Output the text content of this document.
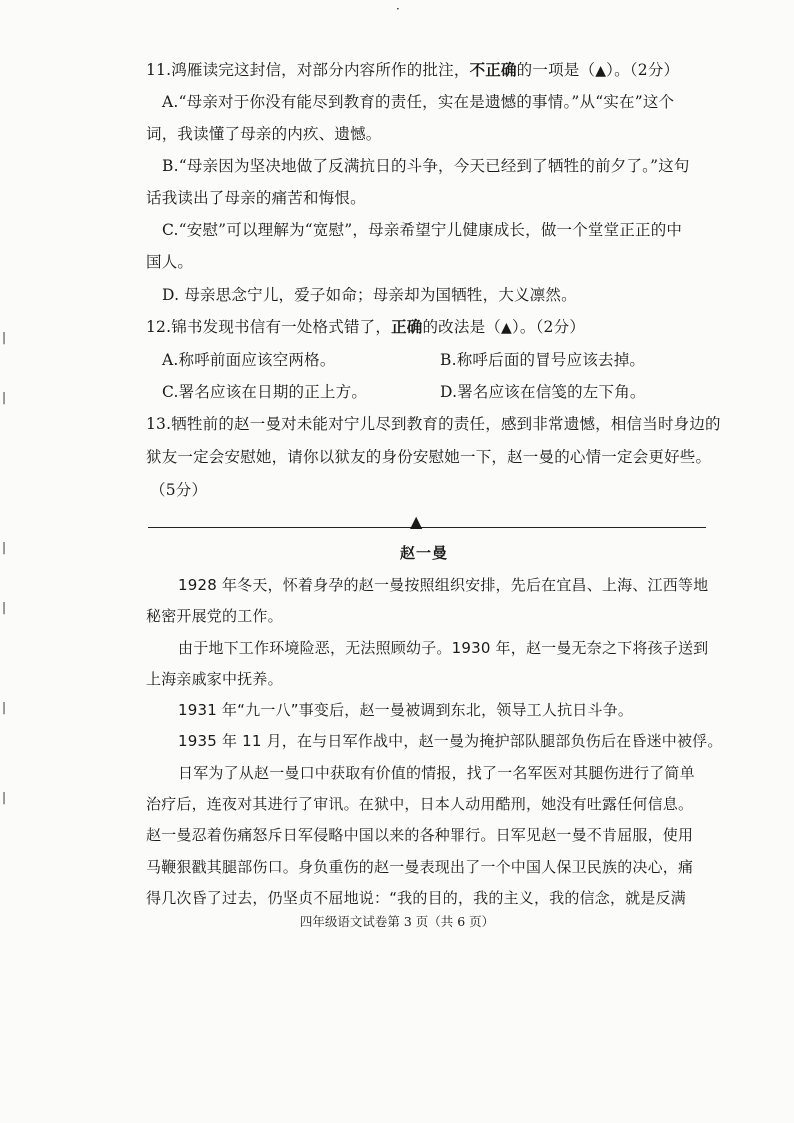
·
11.鸿雁读完这封信，对部分内容所作的批注，不正确的一项是（▲）。（2分）
A.“母亲对于你没有能尽到教育的责任，实在是遗憾的事情。”从“实在”这个
词，我读懂了母亲的内疚、遗憾。
B.“母亲因为坚决地做了反满抗日的斗争，今天已经到了牺牲的前夕了。”这句
话我读出了母亲的痛苦和悔恨。
C.“安慰”可以理解为“宽慰”，母亲希望宁儿健康成长，做一个堂堂正正的中
国人。
D. 母亲思念宁儿，爱子如命；母亲却为国牺牲，大义凛然。
12.锦书发现书信有一处格式错了，正确的改法是（▲）。（2分）
A.称呼前面应该空两格。	B.称呼后面的冒号应该去掉。
C.署名应该在日期的正上方。	D.署名应该在信笺的左下角。
13.牺牲前的赵一曼对未能对宁儿尽到教育的责任，感到非常遗憾，相信当时身边的
狱友一定会安慰她，请你以狱友的身份安慰她一下，赵一曼的心情一定会更好些。
（5分）
▲
赵一曼
1928 年冬天，怀着身孕的赵一曼按照组织安排，先后在宜昌、上海、江西等地
秘密开展党的工作。
由于地下工作环境险恶，无法照顾幼子。1930 年，赵一曼无奈之下将孩子送到
上海亲戚家中抚养。
1931 年“九一八”事变后，赵一曼被调到东北，领导工人抗日斗争。
1935 年 11 月，在与日军作战中，赵一曼为掩护部队腿部负伤后在昏迷中被俘。
日军为了从赵一曼口中获取有价值的情报，找了一名军医对其腿伤进行了简单
治疗后，连夜对其进行了审讯。在狱中，日本人动用酷刑，她没有吐露任何信息。
赵一曼忍着伤痛怒斥日军侵略中国以来的各种罪行。日军见赵一曼不肯屈服，使用
马鞭狠戳其腿部伤口。身负重伤的赵一曼表现出了一个中国人保卫民族的决心，痛
得几次昏了过去，仍坚贞不屈地说：“我的目的，我的主义，我的信念，就是反满
四年级语文试卷第 3 页（共 6 页）
|
|
|
|
|
|
